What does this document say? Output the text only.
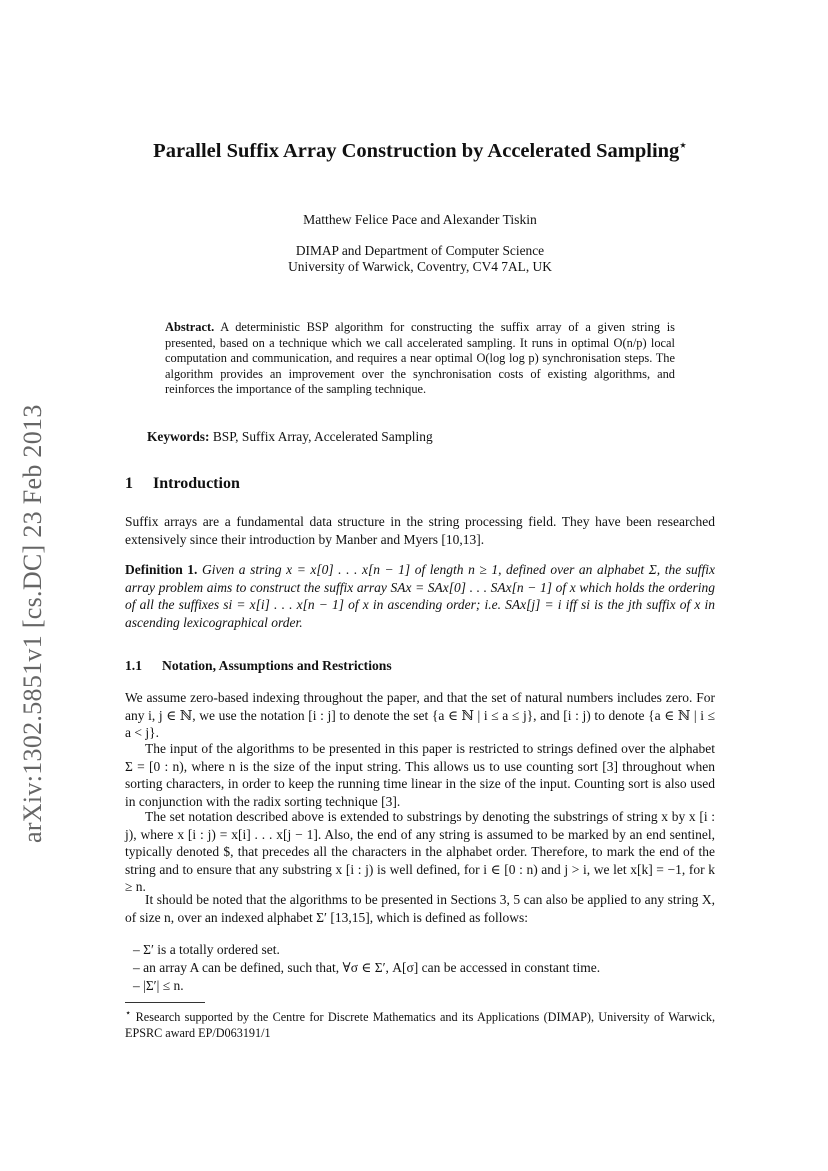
arXiv:1302.5851v1 [cs.DC] 23 Feb 2013
Parallel Suffix Array Construction by Accelerated Sampling⋆
Matthew Felice Pace and Alexander Tiskin
DIMAP and Department of Computer Science
University of Warwick, Coventry, CV4 7AL, UK
Abstract. A deterministic BSP algorithm for constructing the suffix array of a given string is presented, based on a technique which we call accelerated sampling. It runs in optimal O(n/p) local computation and communication, and requires a near optimal O(log log p) synchronisation steps. The algorithm provides an improvement over the synchronisation costs of existing algorithms, and reinforces the importance of the sampling technique.
Keywords: BSP, Suffix Array, Accelerated Sampling
1 Introduction
Suffix arrays are a fundamental data structure in the string processing field. They have been researched extensively since their introduction by Manber and Myers [10,13].
Definition 1. Given a string x = x[0] . . . x[n − 1] of length n ≥ 1, defined over an alphabet Σ, the suffix array problem aims to construct the suffix array SAx = SAx[0] . . . SAx[n − 1] of x which holds the ordering of all the suffixes si = x[i] . . . x[n − 1] of x in ascending order; i.e. SAx[j] = i iff si is the jth suffix of x in ascending lexicographical order.
1.1 Notation, Assumptions and Restrictions
We assume zero-based indexing throughout the paper, and that the set of natural numbers includes zero. For any i, j ∈ ℕ, we use the notation [i : j] to denote the set {a ∈ ℕ | i ≤ a ≤ j}, and [i : j) to denote {a ∈ ℕ | i ≤ a < j}.
The input of the algorithms to be presented in this paper is restricted to strings defined over the alphabet Σ = [0 : n), where n is the size of the input string. This allows us to use counting sort [3] throughout when sorting characters, in order to keep the running time linear in the size of the input. Counting sort is also used in conjunction with the radix sorting technique [3].
The set notation described above is extended to substrings by denoting the substrings of string x by x [i : j), where x [i : j) = x[i] . . . x[j − 1]. Also, the end of any string is assumed to be marked by an end sentinel, typically denoted $, that precedes all the characters in the alphabet order. Therefore, to mark the end of the string and to ensure that any substring x [i : j) is well defined, for i ∈ [0 : n) and j > i, we let x[k] = −1, for k ≥ n.
It should be noted that the algorithms to be presented in Sections 3, 5 can also be applied to any string X, of size n, over an indexed alphabet Σ′ [13,15], which is defined as follows:
– Σ′ is a totally ordered set.
– an array A can be defined, such that, ∀σ ∈ Σ′, A[σ] can be accessed in constant time.
– |Σ′| ≤ n.
⋆ Research supported by the Centre for Discrete Mathematics and its Applications (DIMAP), University of Warwick, EPSRC award EP/D063191/1
